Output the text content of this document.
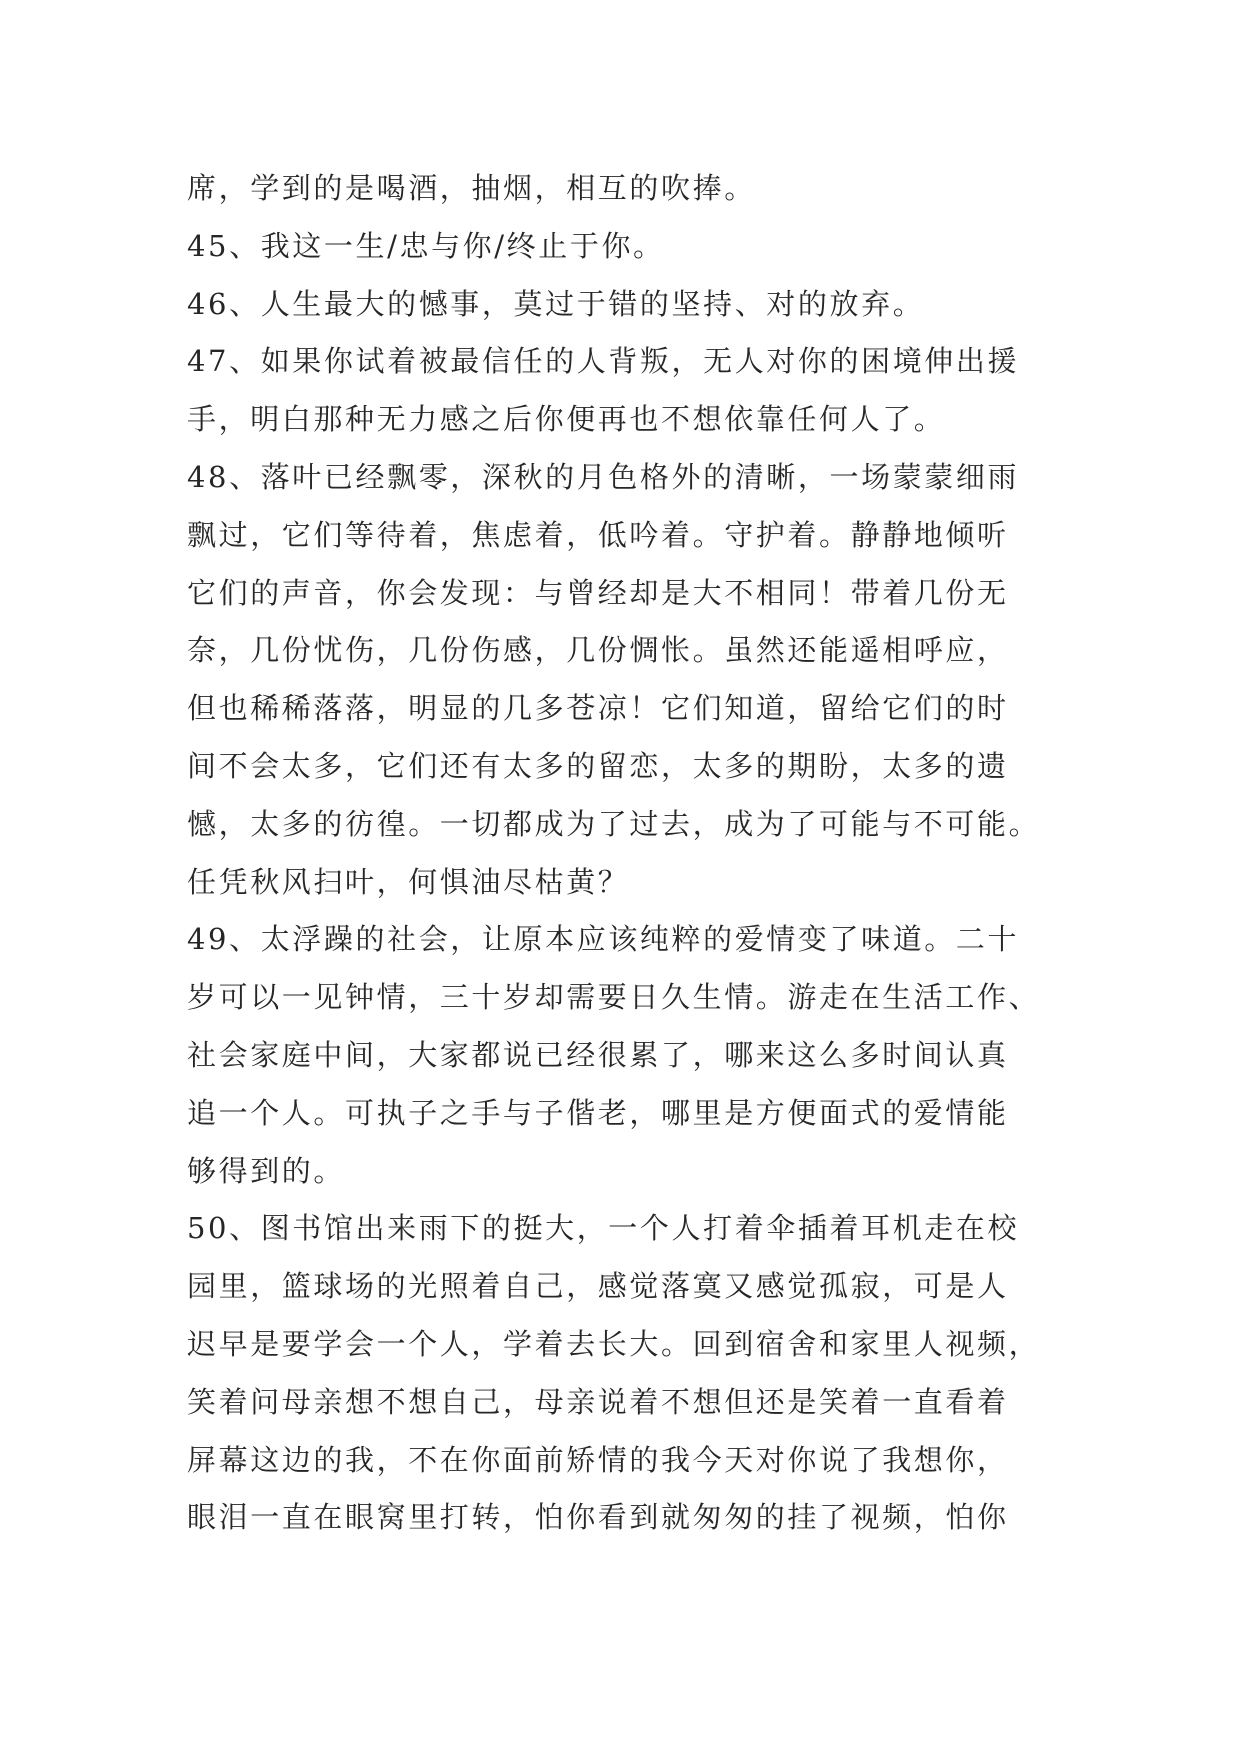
席，学到的是喝酒，抽烟，相互的吹捧。
45、我这一生/忠与你/终止于你。
46、人生最大的憾事，莫过于错的坚持、对的放弃。
47、如果你试着被最信任的人背叛，无人对你的困境伸出援
手，明白那种无力感之后你便再也不想依靠任何人了。
48、落叶已经飘零，深秋的月色格外的清晰，一场蒙蒙细雨
飘过，它们等待着，焦虑着，低吟着。守护着。静静地倾听
它们的声音，你会发现：与曾经却是大不相同！带着几份无
奈，几份忧伤，几份伤感，几份惆怅。虽然还能遥相呼应，
但也稀稀落落，明显的几多苍凉！它们知道，留给它们的时
间不会太多，它们还有太多的留恋，太多的期盼，太多的遗
憾，太多的彷徨。一切都成为了过去，成为了可能与不可能。
任凭秋风扫叶，何惧油尽枯黄？
49、太浮躁的社会，让原本应该纯粹的爱情变了味道。二十
岁可以一见钟情，三十岁却需要日久生情。游走在生活工作、
社会家庭中间，大家都说已经很累了，哪来这么多时间认真
追一个人。可执子之手与子偕老，哪里是方便面式的爱情能
够得到的。
50、图书馆出来雨下的挺大，一个人打着伞插着耳机走在校
园里，篮球场的光照着自己，感觉落寞又感觉孤寂，可是人
迟早是要学会一个人，学着去长大。回到宿舍和家里人视频，
笑着问母亲想不想自己，母亲说着不想但还是笑着一直看着
屏幕这边的我，不在你面前矫情的我今天对你说了我想你，
眼泪一直在眼窝里打转，怕你看到就匆匆的挂了视频，怕你
